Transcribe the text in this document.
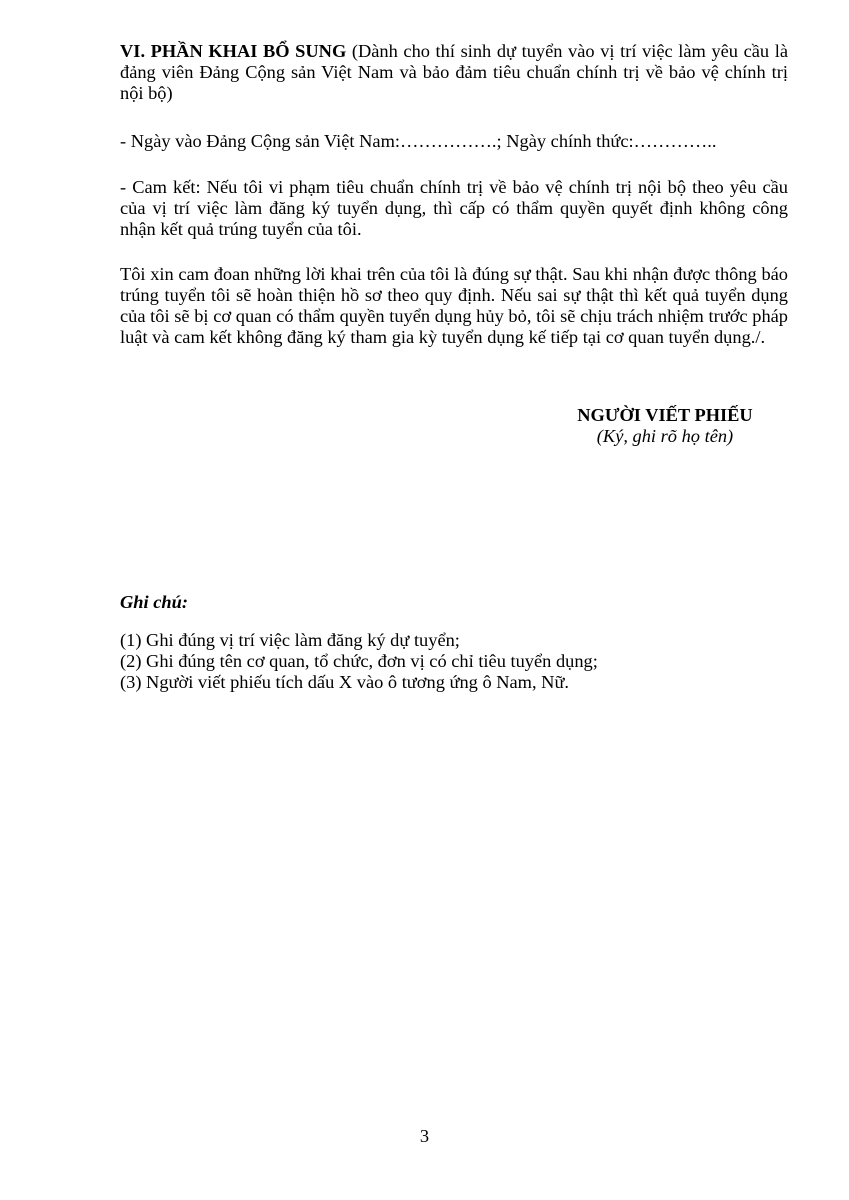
VI. PHẦN KHAI BỔ SUNG (Dành cho thí sinh dự tuyển vào vị trí việc làm yêu cầu là đảng viên Đảng Cộng sản Việt Nam và bảo đảm tiêu chuẩn chính trị về bảo vệ chính trị nội bộ)

- Ngày vào Đảng Cộng sản Việt Nam:…………….; Ngày chính thức:…………..

- Cam kết: Nếu tôi vi phạm tiêu chuẩn chính trị về bảo vệ chính trị nội bộ theo yêu cầu của vị trí việc làm đăng ký tuyển dụng, thì cấp có thẩm quyền quyết định không công nhận kết quả trúng tuyển của tôi.

Tôi xin cam đoan những lời khai trên của tôi là đúng sự thật. Sau khi nhận được thông báo trúng tuyển tôi sẽ hoàn thiện hồ sơ theo quy định. Nếu sai sự thật thì kết quả tuyển dụng của tôi sẽ bị cơ quan có thẩm quyền tuyển dụng hủy bỏ, tôi sẽ chịu trách nhiệm trước pháp luật và cam kết không đăng ký tham gia kỳ tuyển dụng kế tiếp tại cơ quan tuyển dụng./.

NGƯỜI VIẾT PHIẾU
(Ký, ghi rõ họ tên)
Ghi chú:
(1) Ghi đúng vị trí việc làm đăng ký dự tuyển;
(2) Ghi đúng tên cơ quan, tổ chức, đơn vị có chỉ tiêu tuyển dụng;
(3) Người viết phiếu tích dấu X vào ô tương ứng ô Nam, Nữ.
3
